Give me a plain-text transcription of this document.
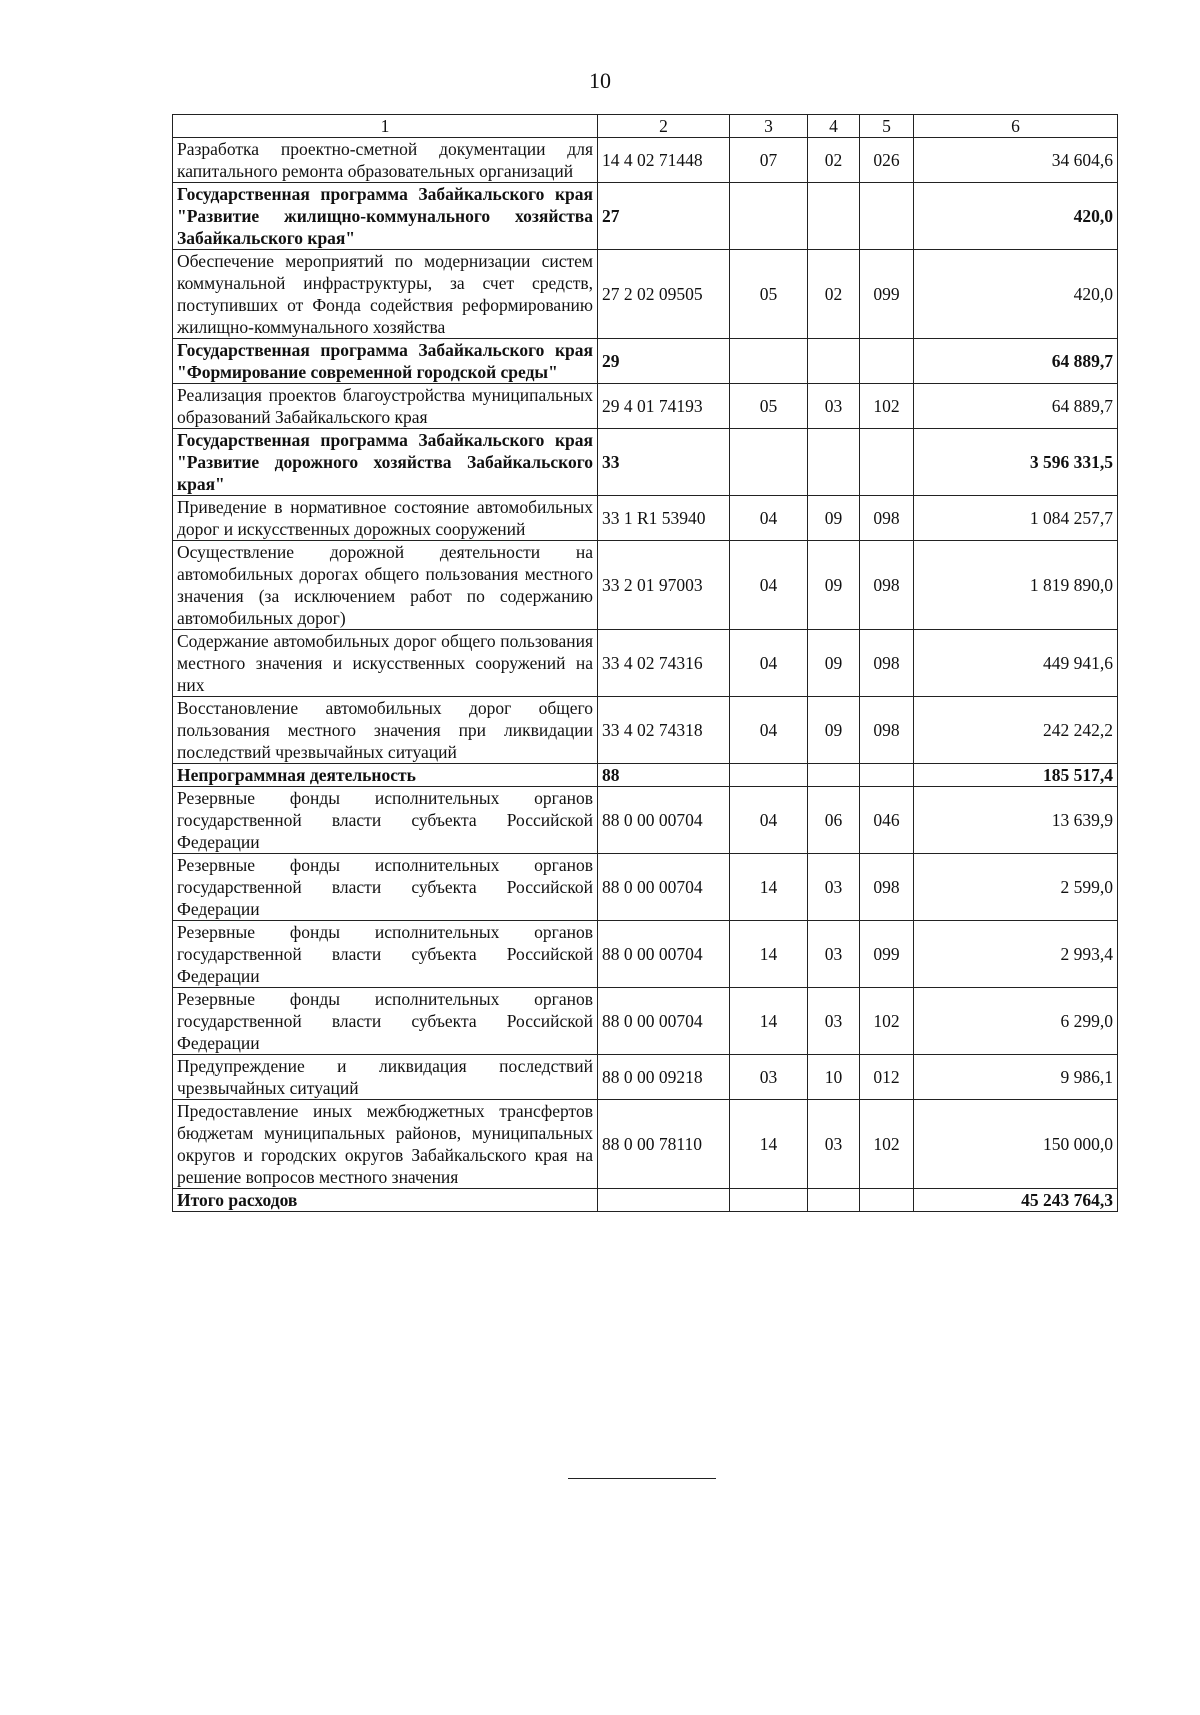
10
1	2	3	4	5	6
Разработка проектно-сметной документации для капитального ремонта образовательных организаций	14 4 02 71448	07	02	026	34 604,6
Государственная программа Забайкальского края "Развитие жилищно-коммунального хозяйства Забайкальского края"	27				420,0
Обеспечение мероприятий по модернизации систем коммунальной инфраструктуры, за счет средств, поступивших от Фонда содействия реформированию жилищно-коммунального хозяйства	27 2 02 09505	05	02	099	420,0
Государственная программа Забайкальского края "Формирование современной городской среды"	29				64 889,7
Реализация проектов благоустройства муниципальных образований Забайкальского края	29 4 01 74193	05	03	102	64 889,7
Государственная программа Забайкальского края "Развитие дорожного хозяйства Забайкальского края"	33				3 596 331,5
Приведение в нормативное состояние автомобильных дорог и искусственных дорожных сооружений	33 1 R1 53940	04	09	098	1 084 257,7
Осуществление дорожной деятельности на автомобильных дорогах общего пользования местного значения (за исключением работ по содержанию автомобильных дорог)	33 2 01 97003	04	09	098	1 819 890,0
Содержание автомобильных дорог общего пользования местного значения и искусственных сооружений на них	33 4 02 74316	04	09	098	449 941,6
Восстановление автомобильных дорог общего пользования местного значения при ликвидации последствий чрезвычайных ситуаций	33 4 02 74318	04	09	098	242 242,2
Непрограммная деятельность	88				185 517,4
Резервные фонды исполнительных органов государственной власти субъекта Российской Федерации	88 0 00 00704	04	06	046	13 639,9
Резервные фонды исполнительных органов государственной власти субъекта Российской Федерации	88 0 00 00704	14	03	098	2 599,0
Резервные фонды исполнительных органов государственной власти субъекта Российской Федерации	88 0 00 00704	14	03	099	2 993,4
Резервные фонды исполнительных органов государственной власти субъекта Российской Федерации	88 0 00 00704	14	03	102	6 299,0
Предупреждение и ликвидация последствий чрезвычайных ситуаций	88 0 00 09218	03	10	012	9 986,1
Предоставление иных межбюджетных трансфертов бюджетам муниципальных районов, муниципальных округов и городских округов Забайкальского края на решение вопросов местного значения	88 0 00 78110	14	03	102	150 000,0
Итого расходов					45 243 764,3
